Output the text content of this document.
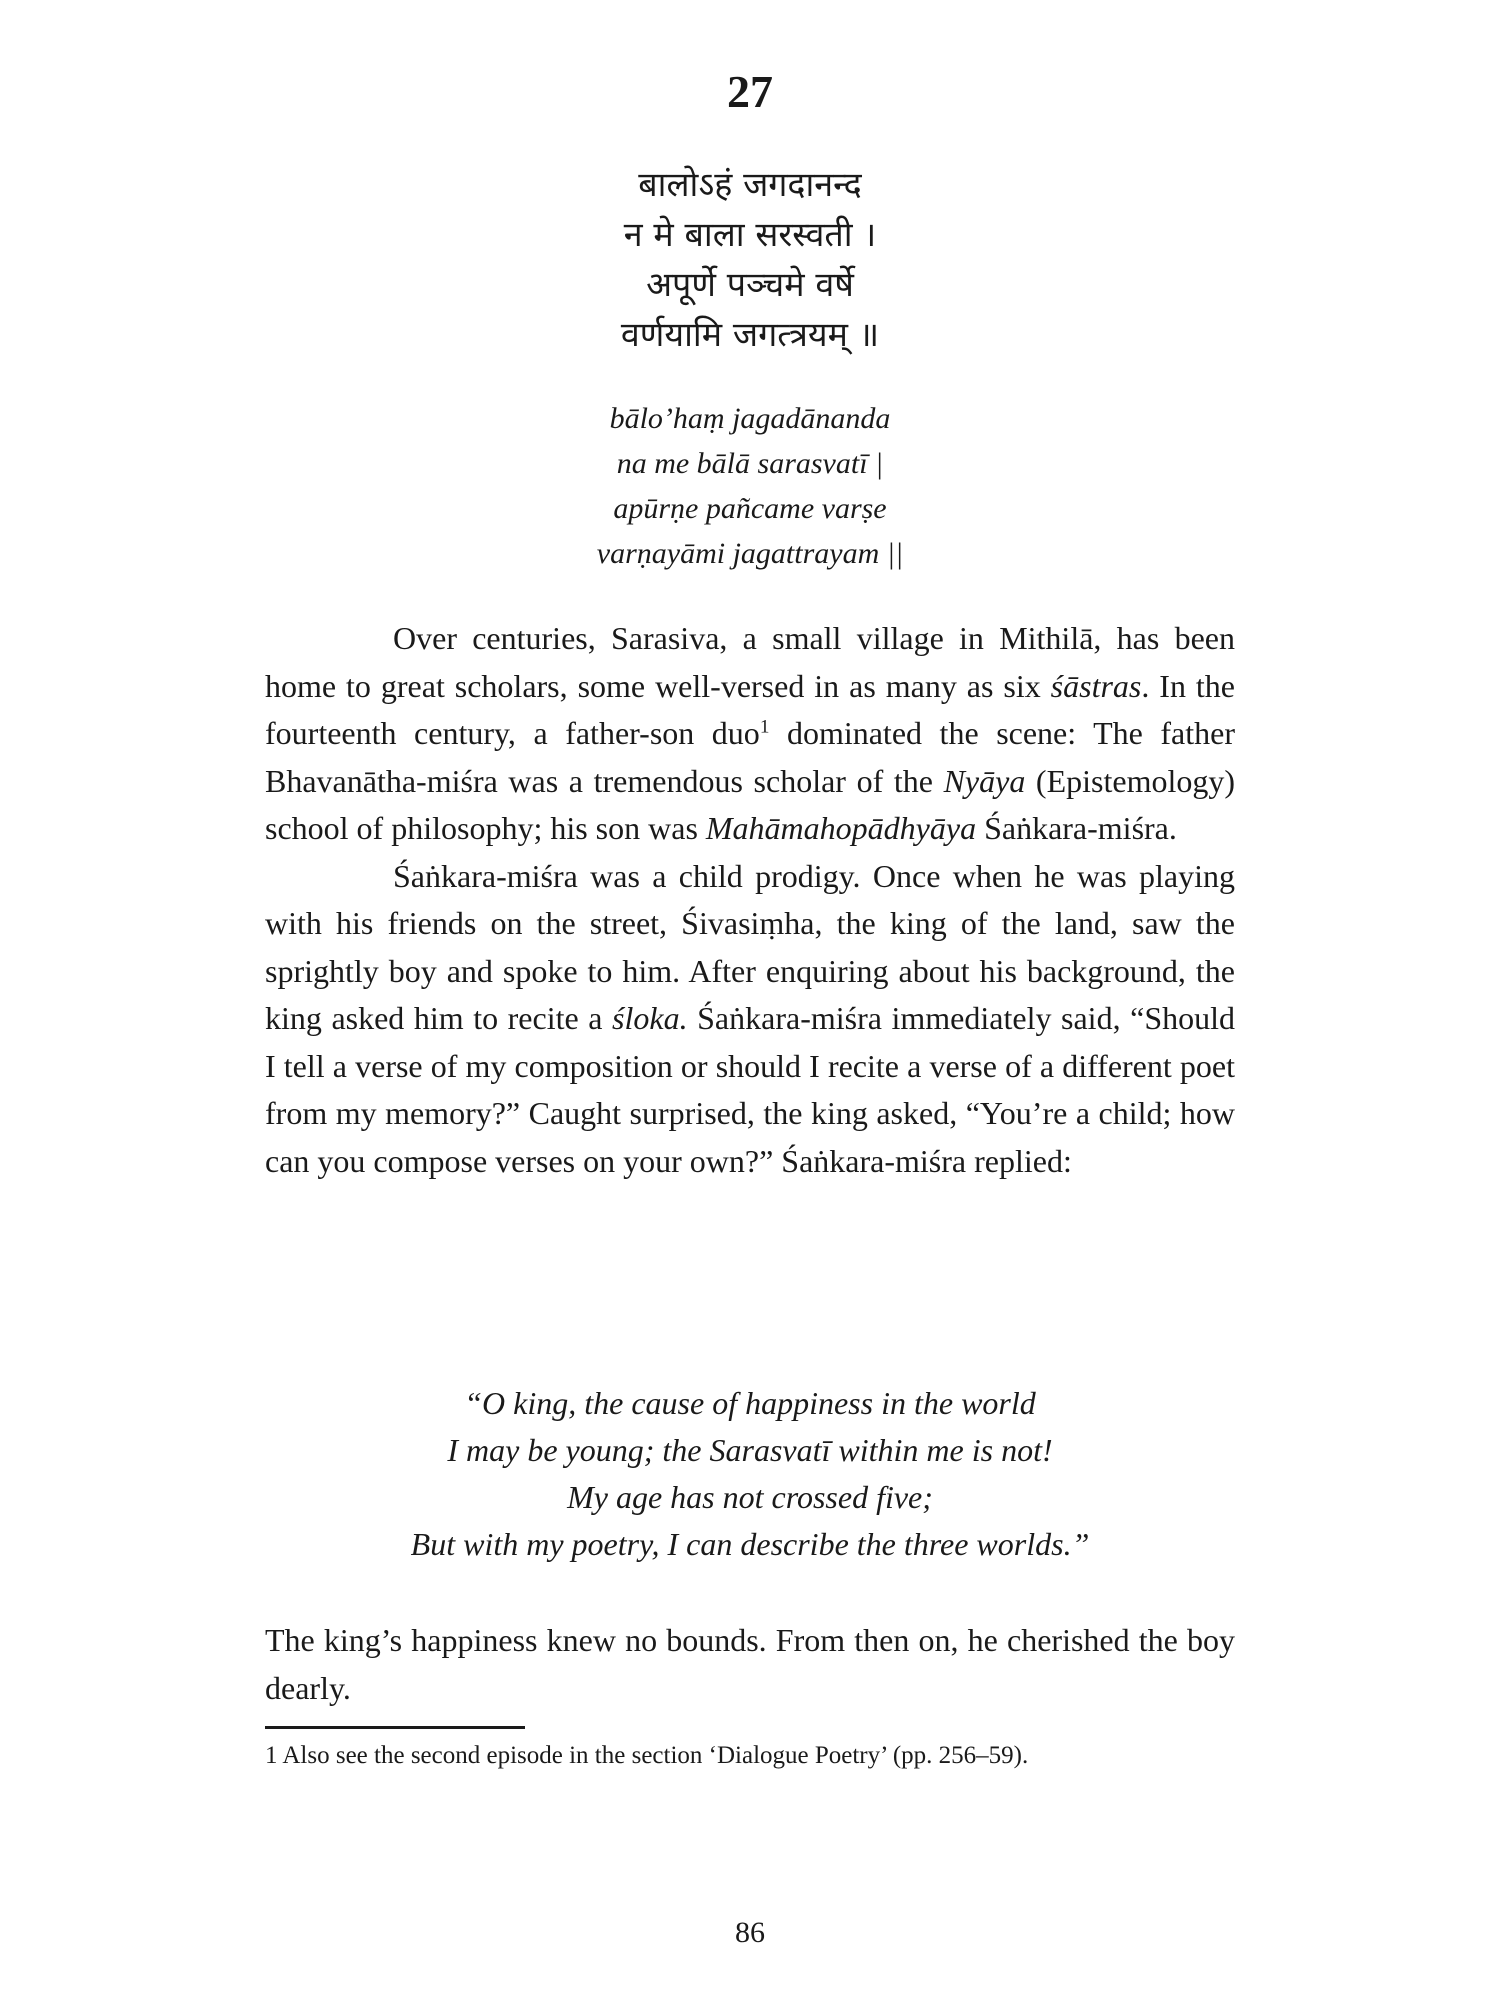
27
बालोऽहं जगदानन्द
न मे बाला सरस्वती ।
अपूर्णे पञ्चमे वर्षे
वर्णयामि जगत्त्रयम् ॥
bālo’haṃ jagadānanda
na me bālā sarasvatī |
apūrṇe pañcame varṣe
varṇayāmi jagattrayam ||

Over centuries, Sarasiva, a small village in Mithilā, has been home to great scholars, some well-versed in as many as six śāstras. In the fourteenth century, a father-son duo$^1$ dominated the scene: The father Bhavanātha-miśra was a tremendous scholar of the Nyāya (Epistemology) school of philosophy; his son was Mahāmahopādhyāya Śaṅkara-miśra.

Śaṅkara-miśra was a child prodigy. Once when he was playing with his friends on the street, Śivasiṃha, the king of the land, saw the sprightly boy and spoke to him. After enquiring about his background, the king asked him to recite a śloka. Śaṅkara-miśra immediately said, “Should I tell a verse of my composition or should I recite a verse of a different poet from my memory?” Caught surprised, the king asked, “You’re a child; how can you compose verses on your own?” Śaṅkara-miśra replied:

“O king, the cause of happiness in the world
I may be young; the Sarasvatī within me is not!
My age has not crossed five;
But with my poetry, I can describe the three worlds.”

The king’s happiness knew no bounds. From then on, he cherished the boy dearly.

1 Also see the second episode in the section ‘Dialogue Poetry’ (pp. 256–59).
86
